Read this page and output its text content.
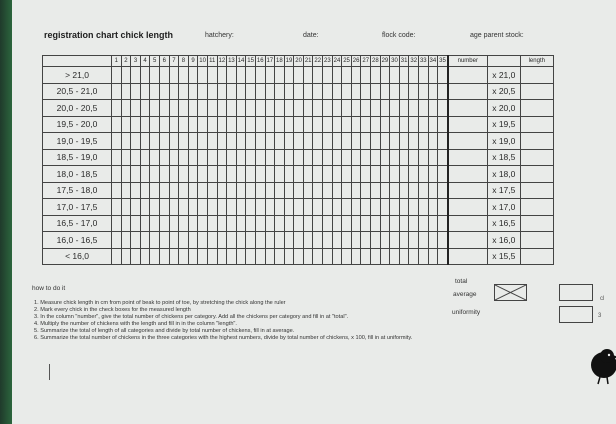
registration chart chick length	hatchery:	date:	flock code:	age parent stock:
	1	2	3	4	5	6	7	8	9	10	11	12	13	14	15	16	17	18	19	20	21	22	23	24	25	26	27	28	29	30	31	32	33	34	35	number		length
> 21,0																																					x 21,0	
20,5 - 21,0																																					x 20,5	
20,0 - 20,5																																					x 20,0	
19,5 - 20,0																																					x 19,5	
19,0 - 19,5																																					x 19,0	
18,5 - 19,0																																					x 18,5	
18,0 - 18,5																																					x 18,0	
17,5 - 18,0																																					x 17,5	
17,0 - 17,5																																					x 17,0	
16,5 - 17,0																																					x 16,5	
16,0 - 16,5																																					x 16,0	
< 16,0																																					x 15,5	
total
average
uniformity
cl
3
how to do it
1. Measure chick length in cm from point of beak to point of toe, by stretching the chick along the ruler
2. Mark every chick in the check boxes for the measured length
3. In the column "number", give the total number of chickens per category. Add all the chickens per category and fill in at "total".
4. Multiply the number of chickens with the length and fill in in the column "length".
5. Summarize the total of length of all categories and divide by total number of chickens, fill in at average.
6. Summarize the total number of chickens in the three categories with the highest numbers, divide by total number of chickens, x 100, fill in at uniformity.
